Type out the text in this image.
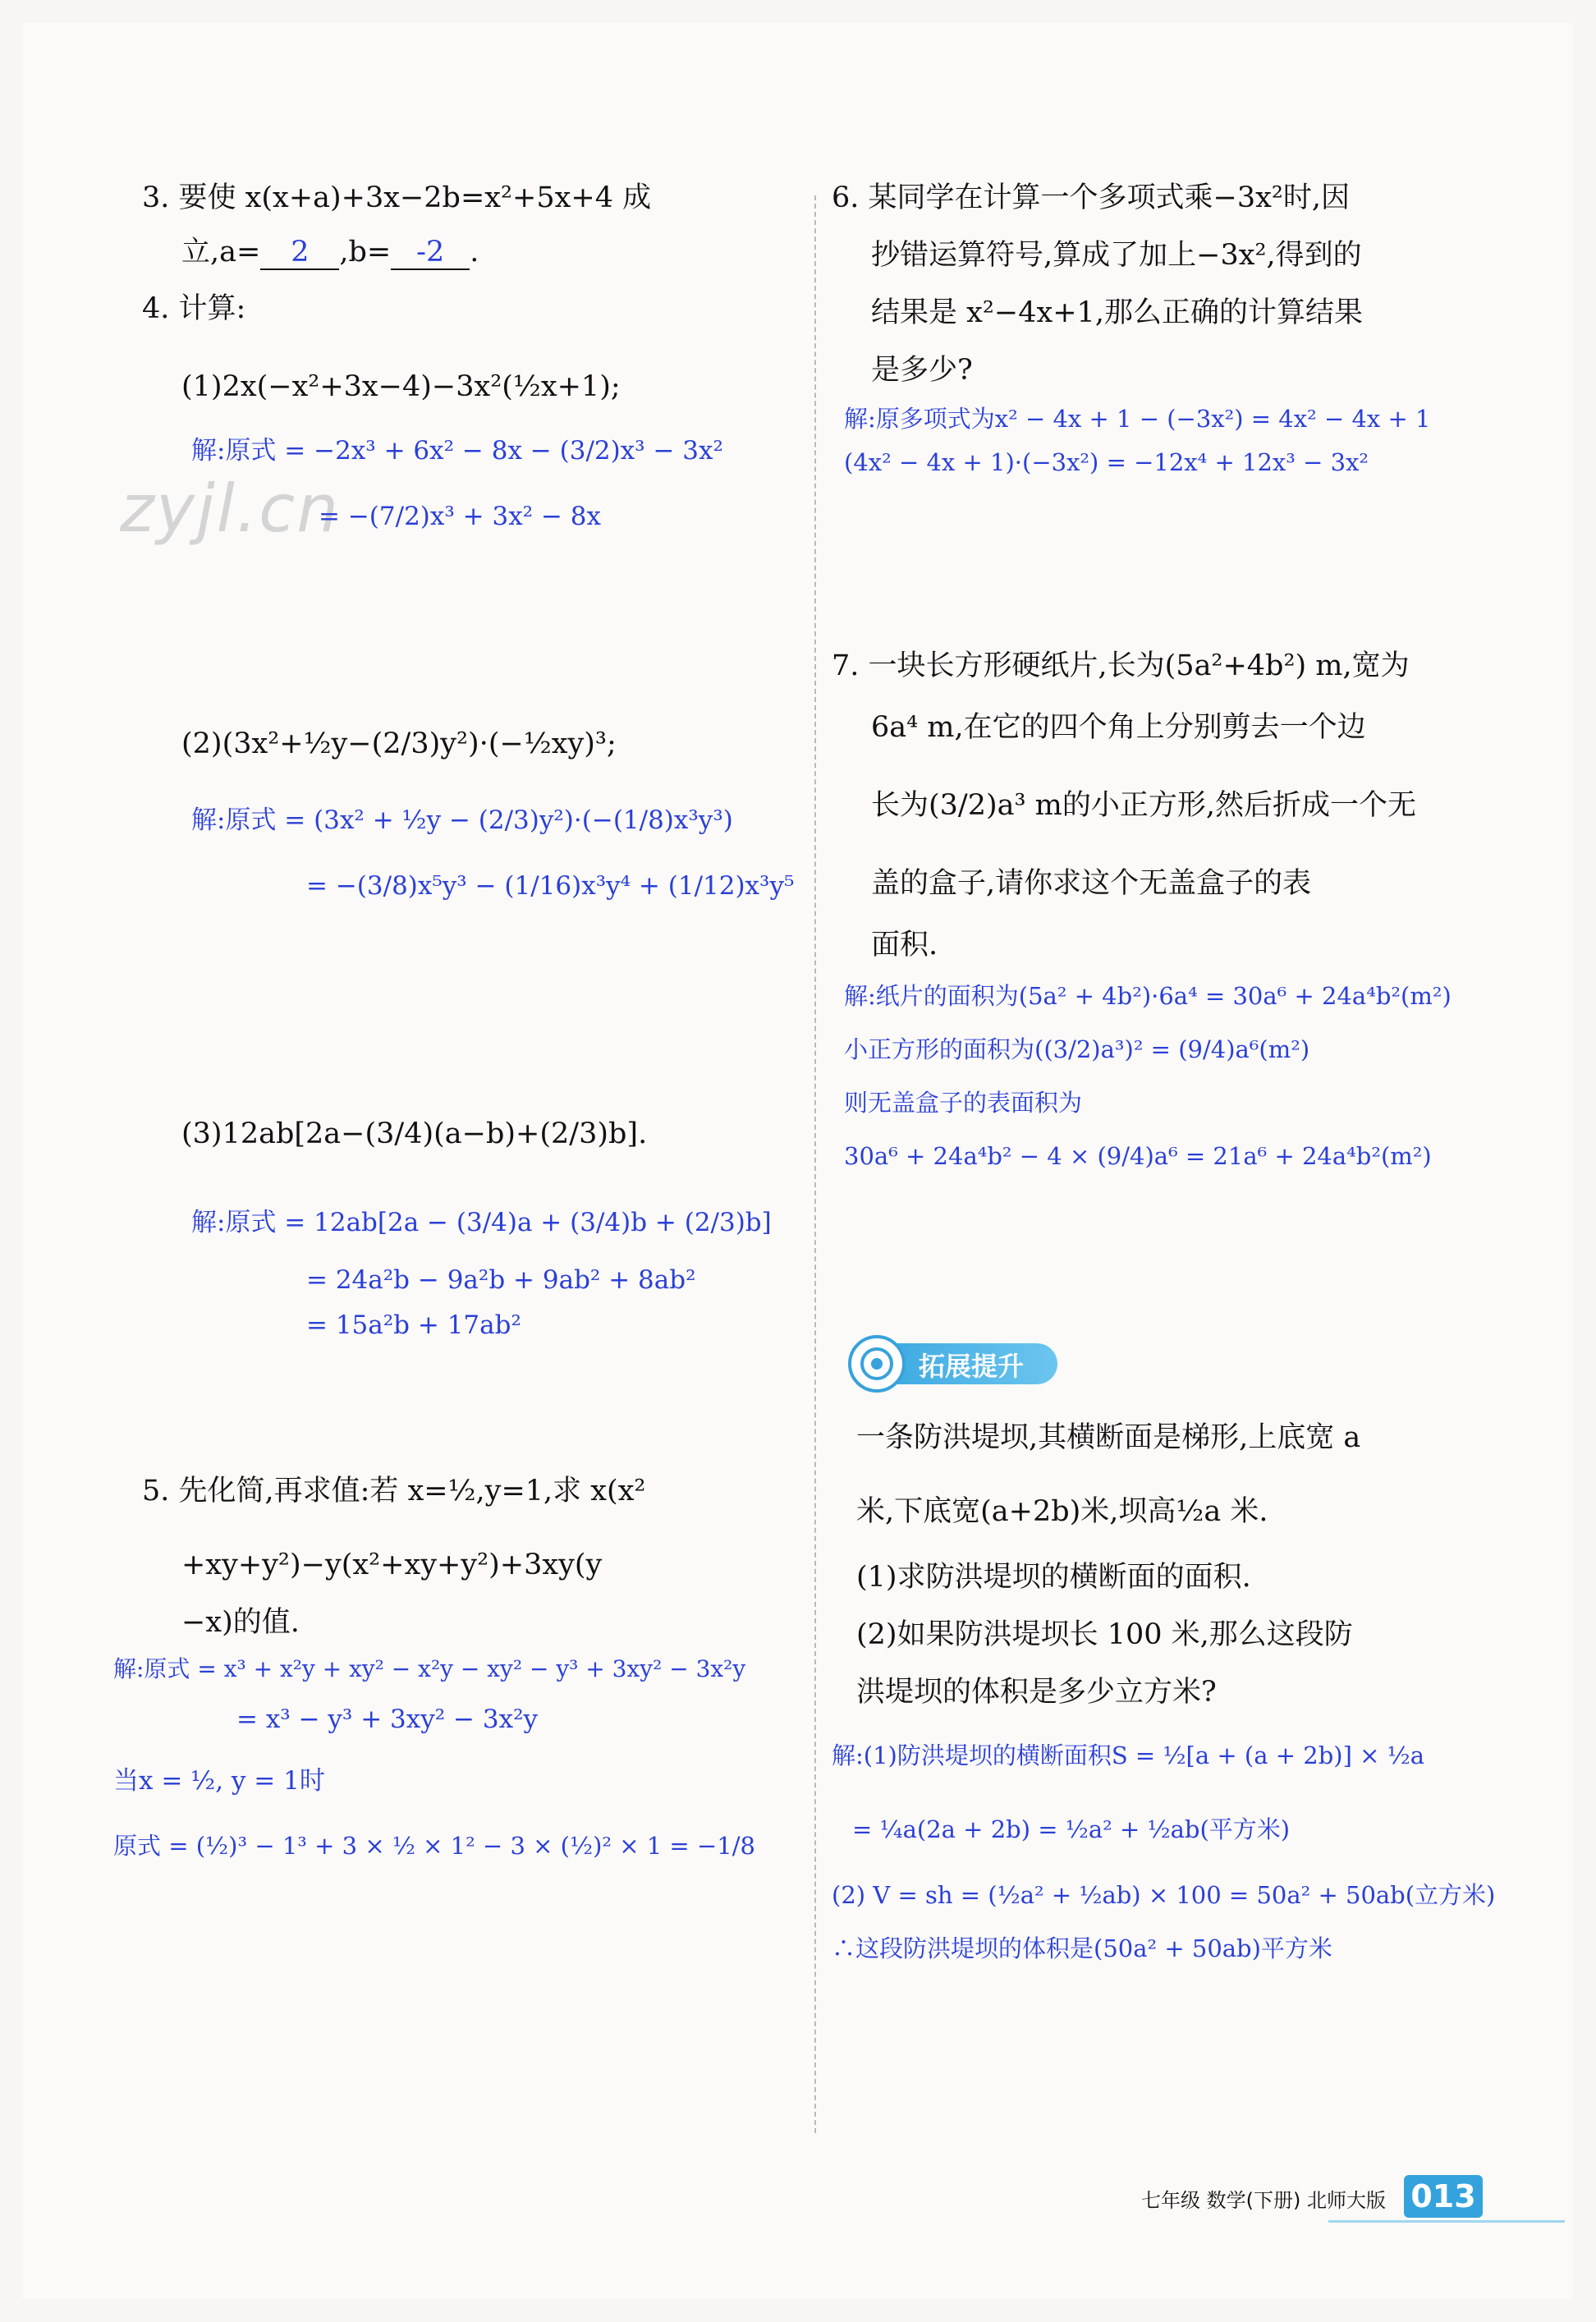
zyjl.cn
3. 要使 x(x+a)+3x−2b=x²+5x+4 成
立,a= 2 ,b= -2 .
4. 计算:
(1)2x(−x²+3x−4)−3x²(½x+1);
解:原式 = −2x³ + 6x² − 8x − (3/2)x³ − 3x²
= −(7/2)x³ + 3x² − 8x
(2)(3x²+½y−(2/3)y²)·(−½xy)³;
解:原式 = (3x² + ½y − (2/3)y²)·(−(1/8)x³y³)
= −(3/8)x⁵y³ − (1/16)x³y⁴ + (1/12)x³y⁵
(3)12ab[2a−(3/4)(a−b)+(2/3)b].
解:原式 = 12ab[2a − (3/4)a + (3/4)b + (2/3)b]
= 24a²b − 9a²b + 9ab² + 8ab²
= 15a²b + 17ab²
5. 先化简,再求值:若 x=½,y=1,求 x(x²
+xy+y²)−y(x²+xy+y²)+3xy(y
−x)的值.
解:原式 = x³ + x²y + xy² − x²y − xy² − y³ + 3xy² − 3x²y
= x³ − y³ + 3xy² − 3x²y
当x = ½, y = 1时
原式 = (½)³ − 1³ + 3 × ½ × 1² − 3 × (½)² × 1 = −1/8
6. 某同学在计算一个多项式乘−3x²时,因
抄错运算符号,算成了加上−3x²,得到的
结果是 x²−4x+1,那么正确的计算结果
是多少?
解:原多项式为x² − 4x + 1 − (−3x²) = 4x² − 4x + 1
(4x² − 4x + 1)·(−3x²) = −12x⁴ + 12x³ − 3x²
7. 一块长方形硬纸片,长为(5a²+4b²) m,宽为
6a⁴ m,在它的四个角上分别剪去一个边
长为(3/2)a³ m的小正方形,然后折成一个无
盖的盒子,请你求这个无盖盒子的表
面积.
解:纸片的面积为(5a² + 4b²)·6a⁴ = 30a⁶ + 24a⁴b²(m²)
小正方形的面积为((3/2)a³)² = (9/4)a⁶(m²)
则无盖盒子的表面积为
30a⁶ + 24a⁴b² − 4 × (9/4)a⁶ = 21a⁶ + 24a⁴b²(m²)
拓展提升
一条防洪堤坝,其横断面是梯形,上底宽 a
米,下底宽(a+2b)米,坝高½a 米.
(1)求防洪堤坝的横断面的面积.
(2)如果防洪堤坝长 100 米,那么这段防
洪堤坝的体积是多少立方米?
解:(1)防洪堤坝的横断面积S = ½[a + (a + 2b)] × ½a
= ¼a(2a + 2b) = ½a² + ½ab(平方米)
(2) V = sh = (½a² + ½ab) × 100 = 50a² + 50ab(立方米)
∴这段防洪堤坝的体积是(50a² + 50ab)平方米
七年级 数学(下册) 北师大版 013
